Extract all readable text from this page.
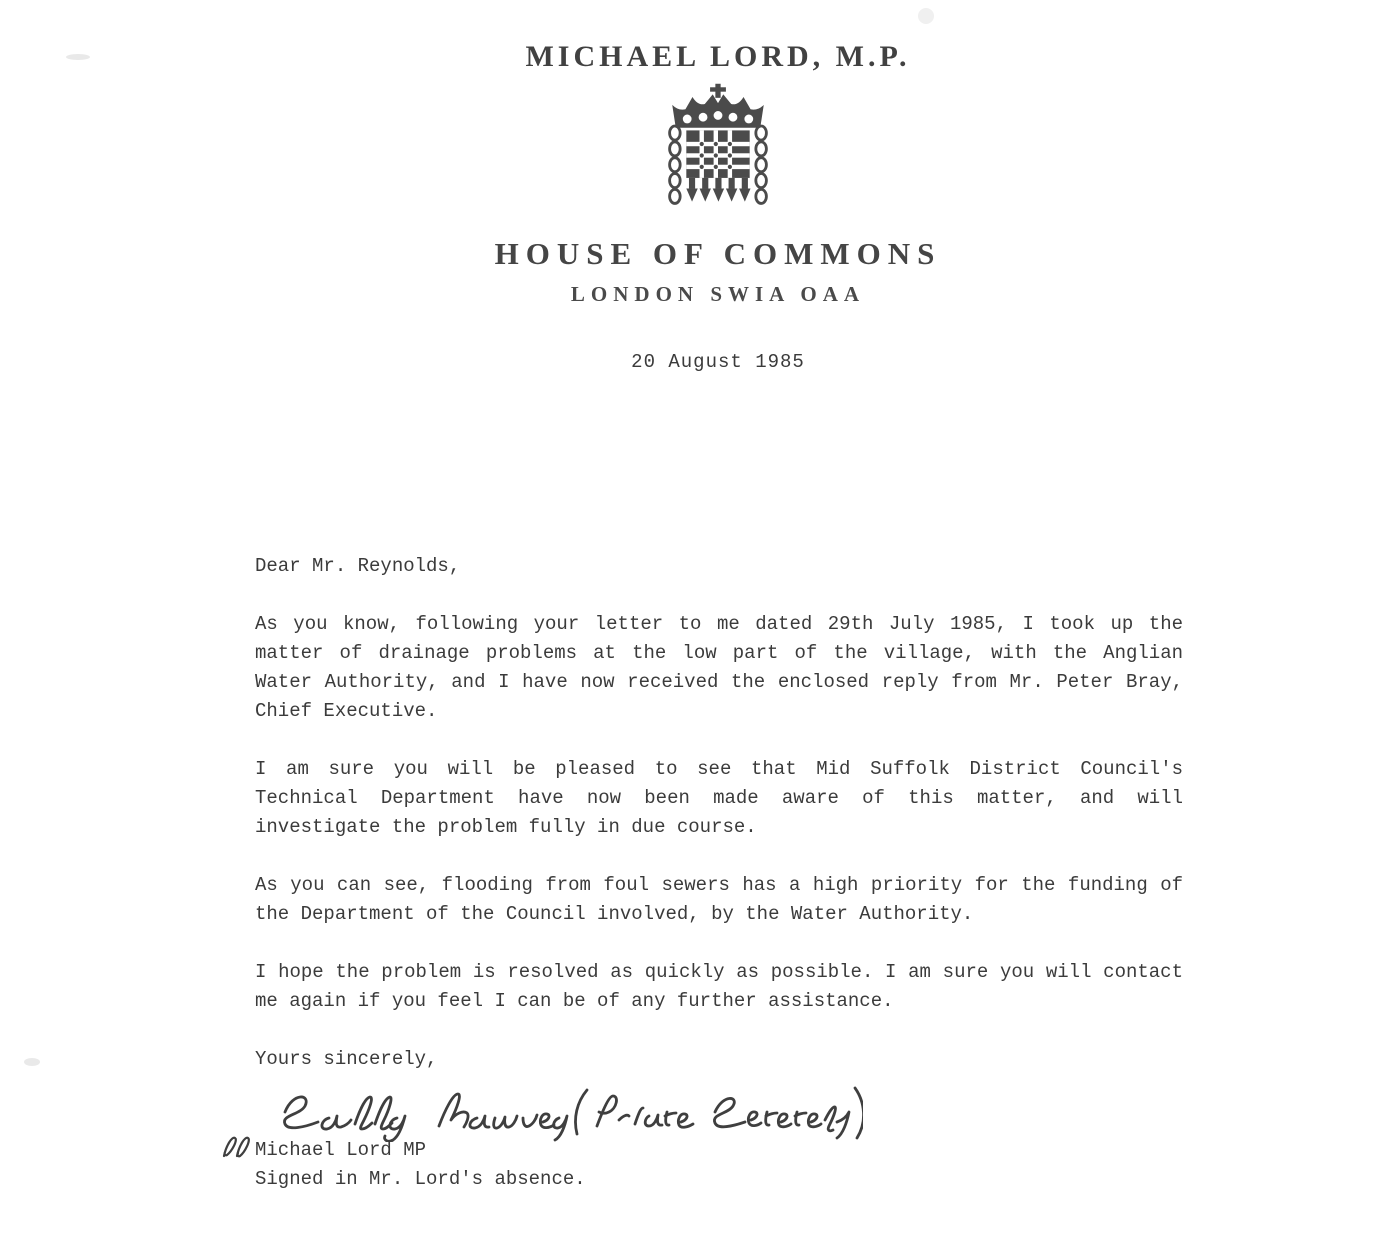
MICHAEL LORD, M.P.
HOUSE OF COMMONS
LONDON SWIA OAA
20 August 1985

Dear Mr. Reynolds,

As you know, following your letter to me dated 29th July 1985, I took up the matter of drainage problems at the low part of the village, with the Anglian Water Authority, and I have now received the enclosed reply from Mr. Peter Bray, Chief Executive.

I am sure you will be pleased to see that Mid Suffolk District Council's Technical Department have now been made aware of this matter, and will investigate the problem fully in due course.

As you can see, flooding from foul sewers has a high priority for the funding of the Department of the Council involved, by the Water Authority.

I hope the problem is resolved as quickly as possible. I am sure you will contact me again if you feel I can be of any further assistance.

Yours sincerely,

Michael Lord MP
Signed in Mr. Lord's absence.
